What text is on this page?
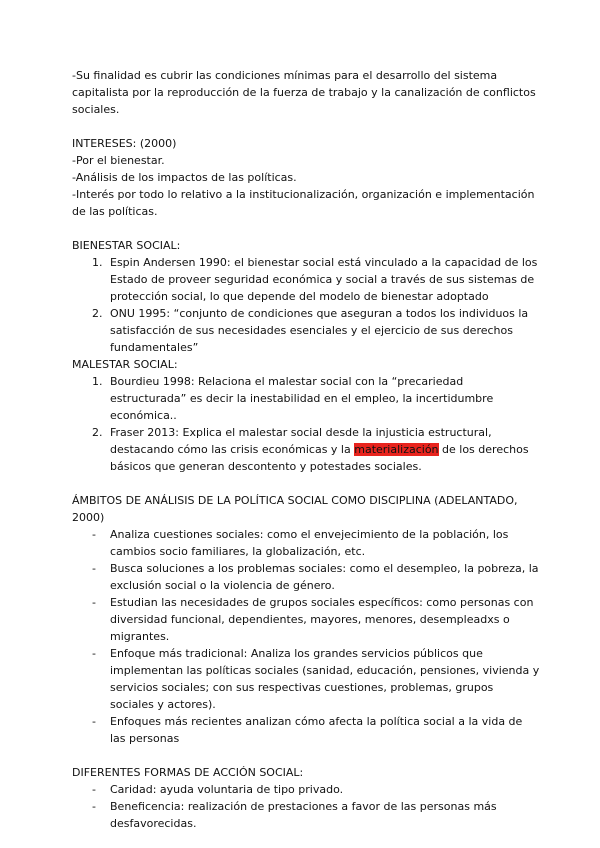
-Su finalidad es cubrir las condiciones mínimas para el desarrollo del sistema capitalista por la reproducción de la fuerza de trabajo y la canalización de conflictos sociales.

INTERESES: (2000)

-Por el bienestar.

-Análisis de los impactos de las políticas.

-Interés por todo lo relativo a la institucionalización, organización e implementación de las políticas.

BIENESTAR SOCIAL:

1. Espin Andersen 1990: el bienestar social está vinculado a la capacidad de los Estado de proveer seguridad económica y social a través de sus sistemas de protección social, lo que depende del modelo de bienestar adoptado
2. ONU 1995: “conjunto de condiciones que aseguran a todos los individuos la satisfacción de sus necesidades esenciales y el ejercicio de sus derechos fundamentales”

MALESTAR SOCIAL:

1. Bourdieu 1998: Relaciona el malestar social con la “precariedad estructurada” es decir la inestabilidad en el empleo, la incertidumbre económica..
2. Fraser 2013: Explica el malestar social desde la injusticia estructural, destacando cómo las crisis económicas y la materialización de los derechos básicos que generan descontento y potestades sociales.

ÁMBITOS DE ANÁLISIS DE LA POLÍTICA SOCIAL COMO DISCIPLINA (ADELANTADO, 2000)

- Analiza cuestiones sociales: como el envejecimiento de la población, los cambios socio familiares, la globalización, etc.
- Busca soluciones a los problemas sociales: como el desempleo, la pobreza, la exclusión social o la violencia de género.
- Estudian las necesidades de grupos sociales específicos: como personas con diversidad funcional, dependientes, mayores, menores, desempleadxs o migrantes.
- Enfoque más tradicional: Analiza los grandes servicios públicos que implementan las políticas sociales (sanidad, educación, pensiones, vivienda y servicios sociales; con sus respectivas cuestiones, problemas, grupos sociales y actores).
- Enfoques más recientes analizan cómo afecta la política social a la vida de las personas

DIFERENTES FORMAS DE ACCIÓN SOCIAL:

- Caridad: ayuda voluntaria de tipo privado.
- Beneficencia: realización de prestaciones a favor de las personas más desfavorecidas.
